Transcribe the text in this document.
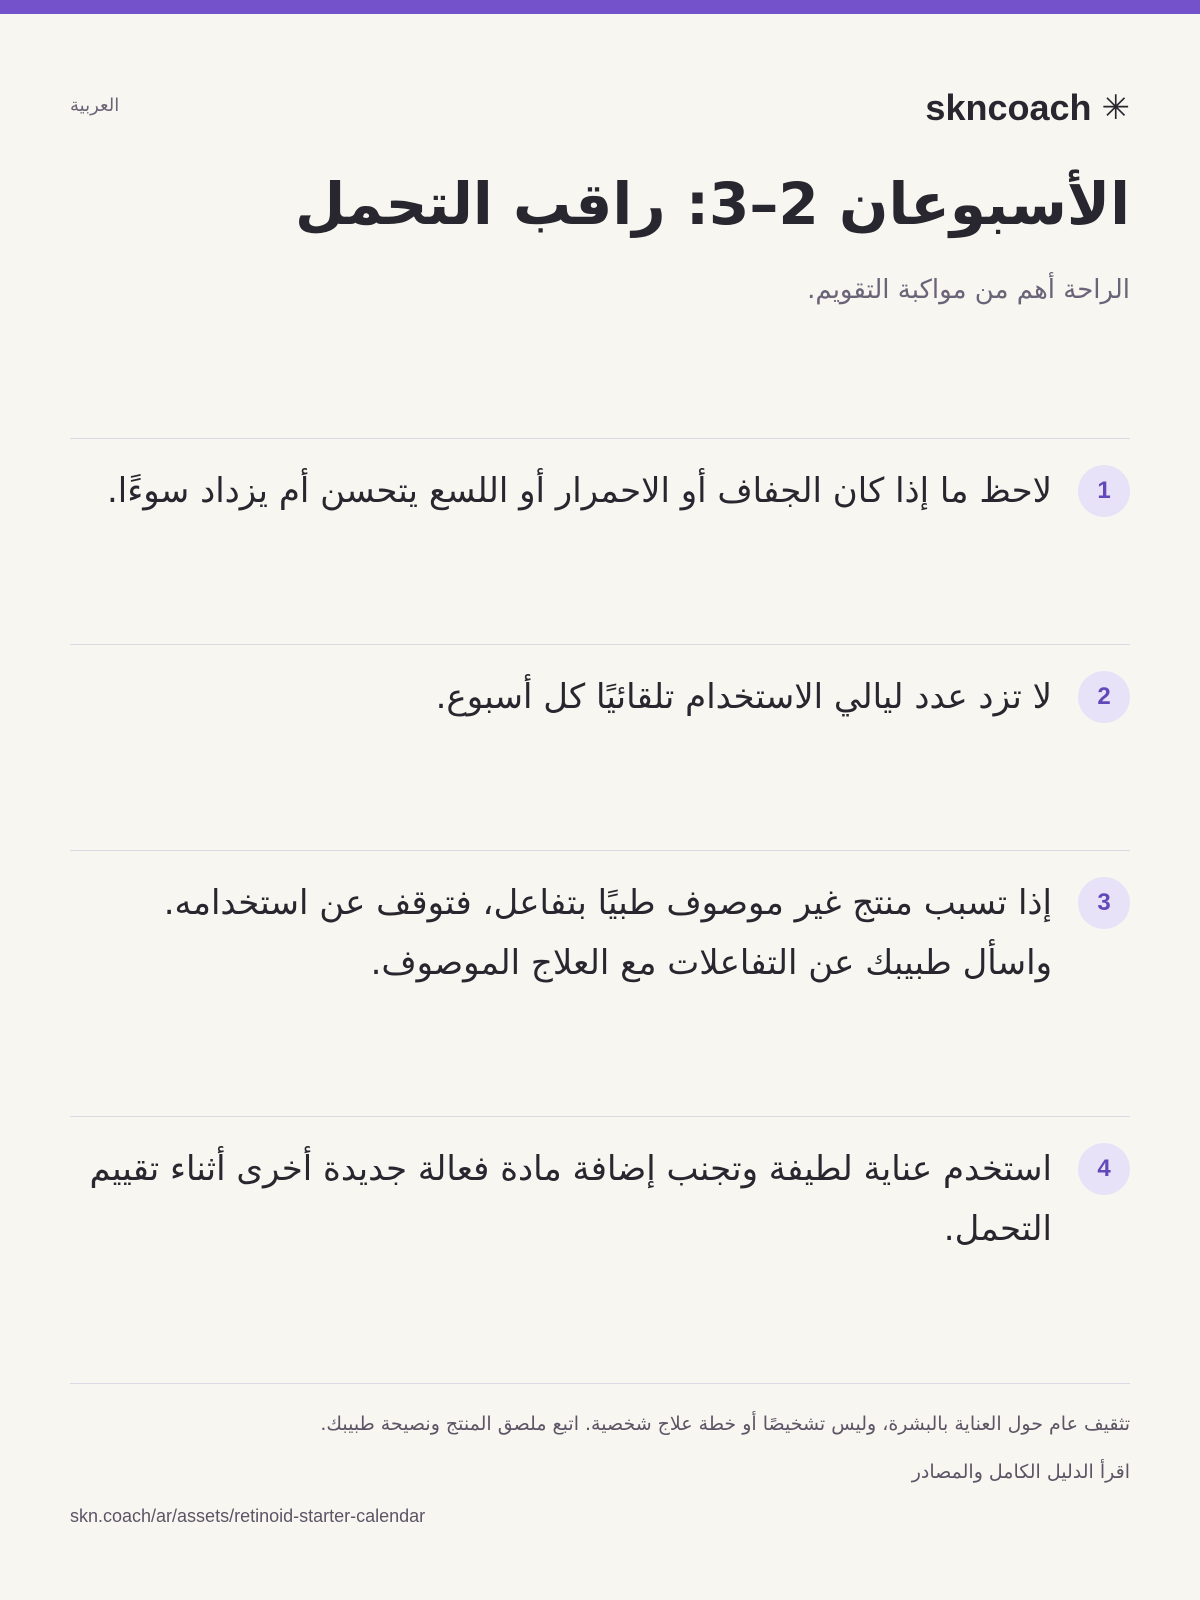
skncoach ✳
العربية
الأسبوعان 2–3: راقب التحمل

الراحة أهم من مواكبة التقويم.

1
لاحظ ما إذا كان الجفاف أو الاحمرار أو اللسع يتحسن أم يزداد سوءًا.
2
لا تزد عدد ليالي الاستخدام تلقائيًا كل أسبوع.
3
إذا تسبب منتج غير موصوف طبيًا بتفاعل، فتوقف عن استخدامه. واسأل طبيبك عن التفاعلات مع العلاج الموصوف.
4
استخدم عناية لطيفة وتجنب إضافة مادة فعالة جديدة أخرى أثناء تقييم التحمل.
تثقيف عام حول العناية بالبشرة، وليس تشخيصًا أو خطة علاج شخصية. اتبع ملصق المنتج ونصيحة طبيبك.
اقرأ الدليل الكامل والمصادر
skn.coach/ar/assets/retinoid-starter-calendar
